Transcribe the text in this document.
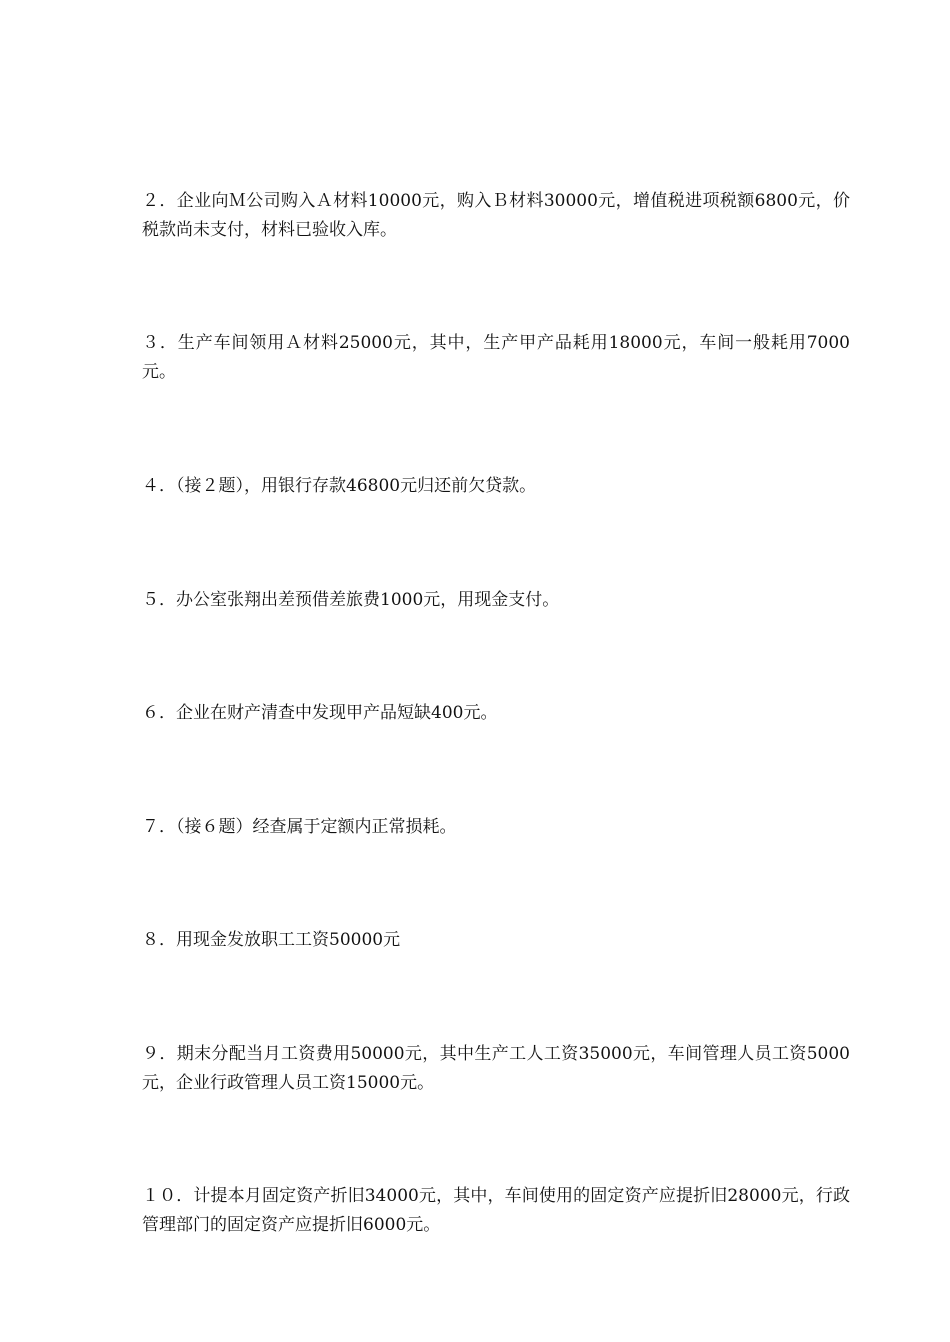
２．企业向Ｍ公司购入Ａ材料10000元，购入Ｂ材料30000元，增值税进项税额6800元，价税款尚未支付，材料已验收入库。

３．生产车间领用Ａ材料25000元，其中，生产甲产品耗用18000元，车间一般耗用7000元。

４．（接２题），用银行存款46800元归还前欠贷款。

５．办公室张翔出差预借差旅费1000元，用现金支付。

６．企业在财产清查中发现甲产品短缺400元。

７．（接６题）经查属于定额内正常损耗。

８．用现金发放职工工资50000元

９．期末分配当月工资费用50000元，其中生产工人工资35000元，车间管理人员工资5000元，企业行政管理人员工资15000元。

１０．计提本月固定资产折旧34000元，其中，车间使用的固定资产应提折旧28000元，行政管理部门的固定资产应提折旧6000元。
